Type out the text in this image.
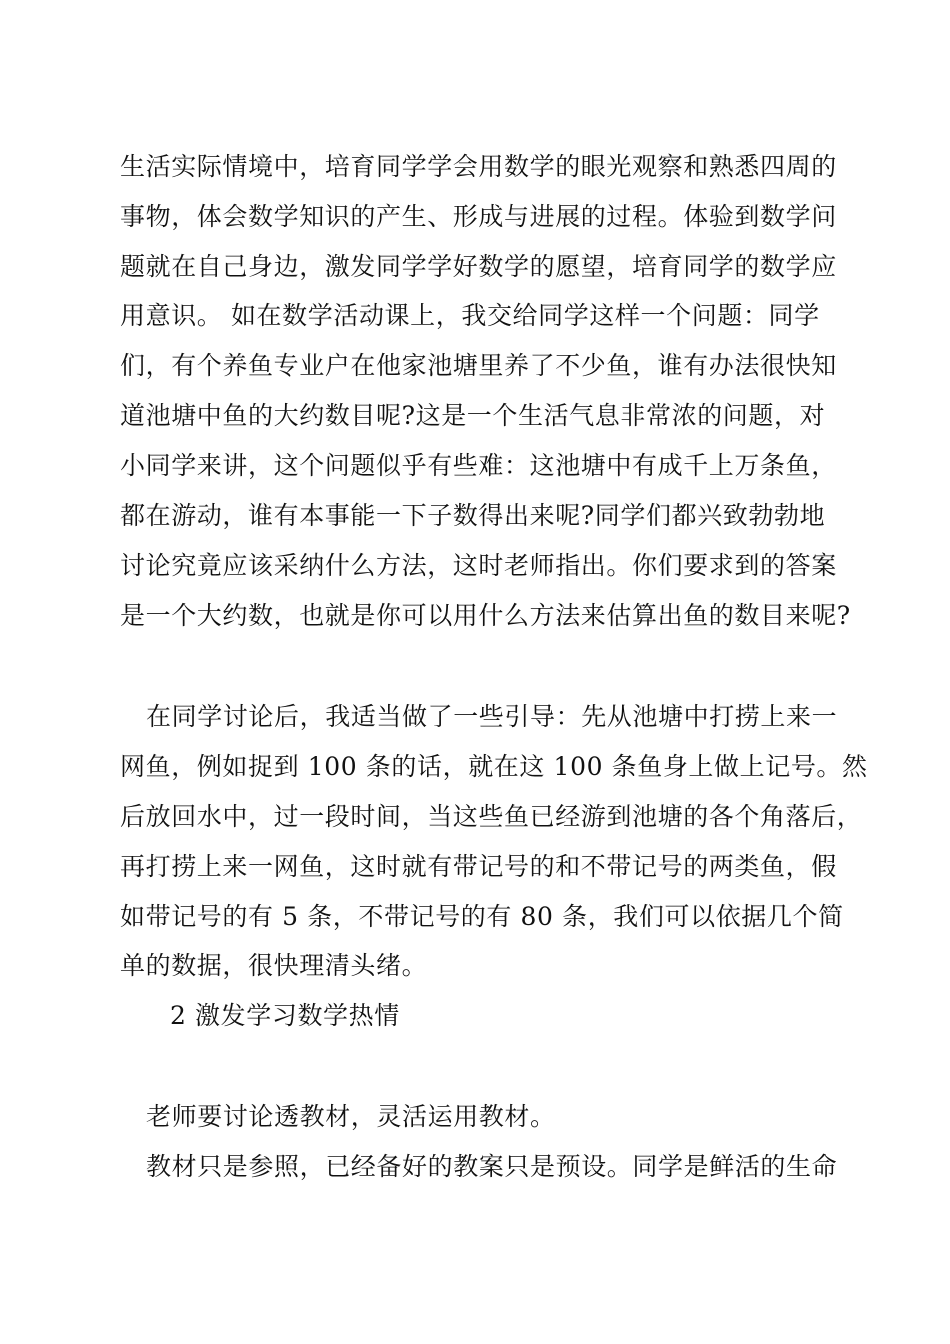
生活实际情境中，培育同学学会用数学的眼光观察和熟悉四周的
事物，体会数学知识的产生、形成与进展的过程。体验到数学问
题就在自己身边，激发同学学好数学的愿望，培育同学的数学应
用意识。 如在数学活动课上，我交给同学这样一个问题：同学
们，有个养鱼专业户在他家池塘里养了不少鱼，谁有办法很快知
道池塘中鱼的大约数目呢?这是一个生活气息非常浓的问题，对
小同学来讲，这个问题似乎有些难：这池塘中有成千上万条鱼，
都在游动，谁有本事能一下子数得出来呢?同学们都兴致勃勃地
讨论究竟应该采纳什么方法，这时老师指出。你们要求到的答案
是一个大约数，也就是你可以用什么方法来估算出鱼的数目来呢?
在同学讨论后，我适当做了一些引导：先从池塘中打捞上来一
网鱼，例如捉到 100 条的话，就在这 100 条鱼身上做上记号。然
后放回水中，过一段时间，当这些鱼已经游到池塘的各个角落后，
再打捞上来一网鱼，这时就有带记号的和不带记号的两类鱼，假
如带记号的有 5 条，不带记号的有 80 条，我们可以依据几个简
单的数据，很快理清头绪。
2 激发学习数学热情
老师要讨论透教材，灵活运用教材。
教材只是参照，已经备好的教案只是预设。同学是鲜活的生命
